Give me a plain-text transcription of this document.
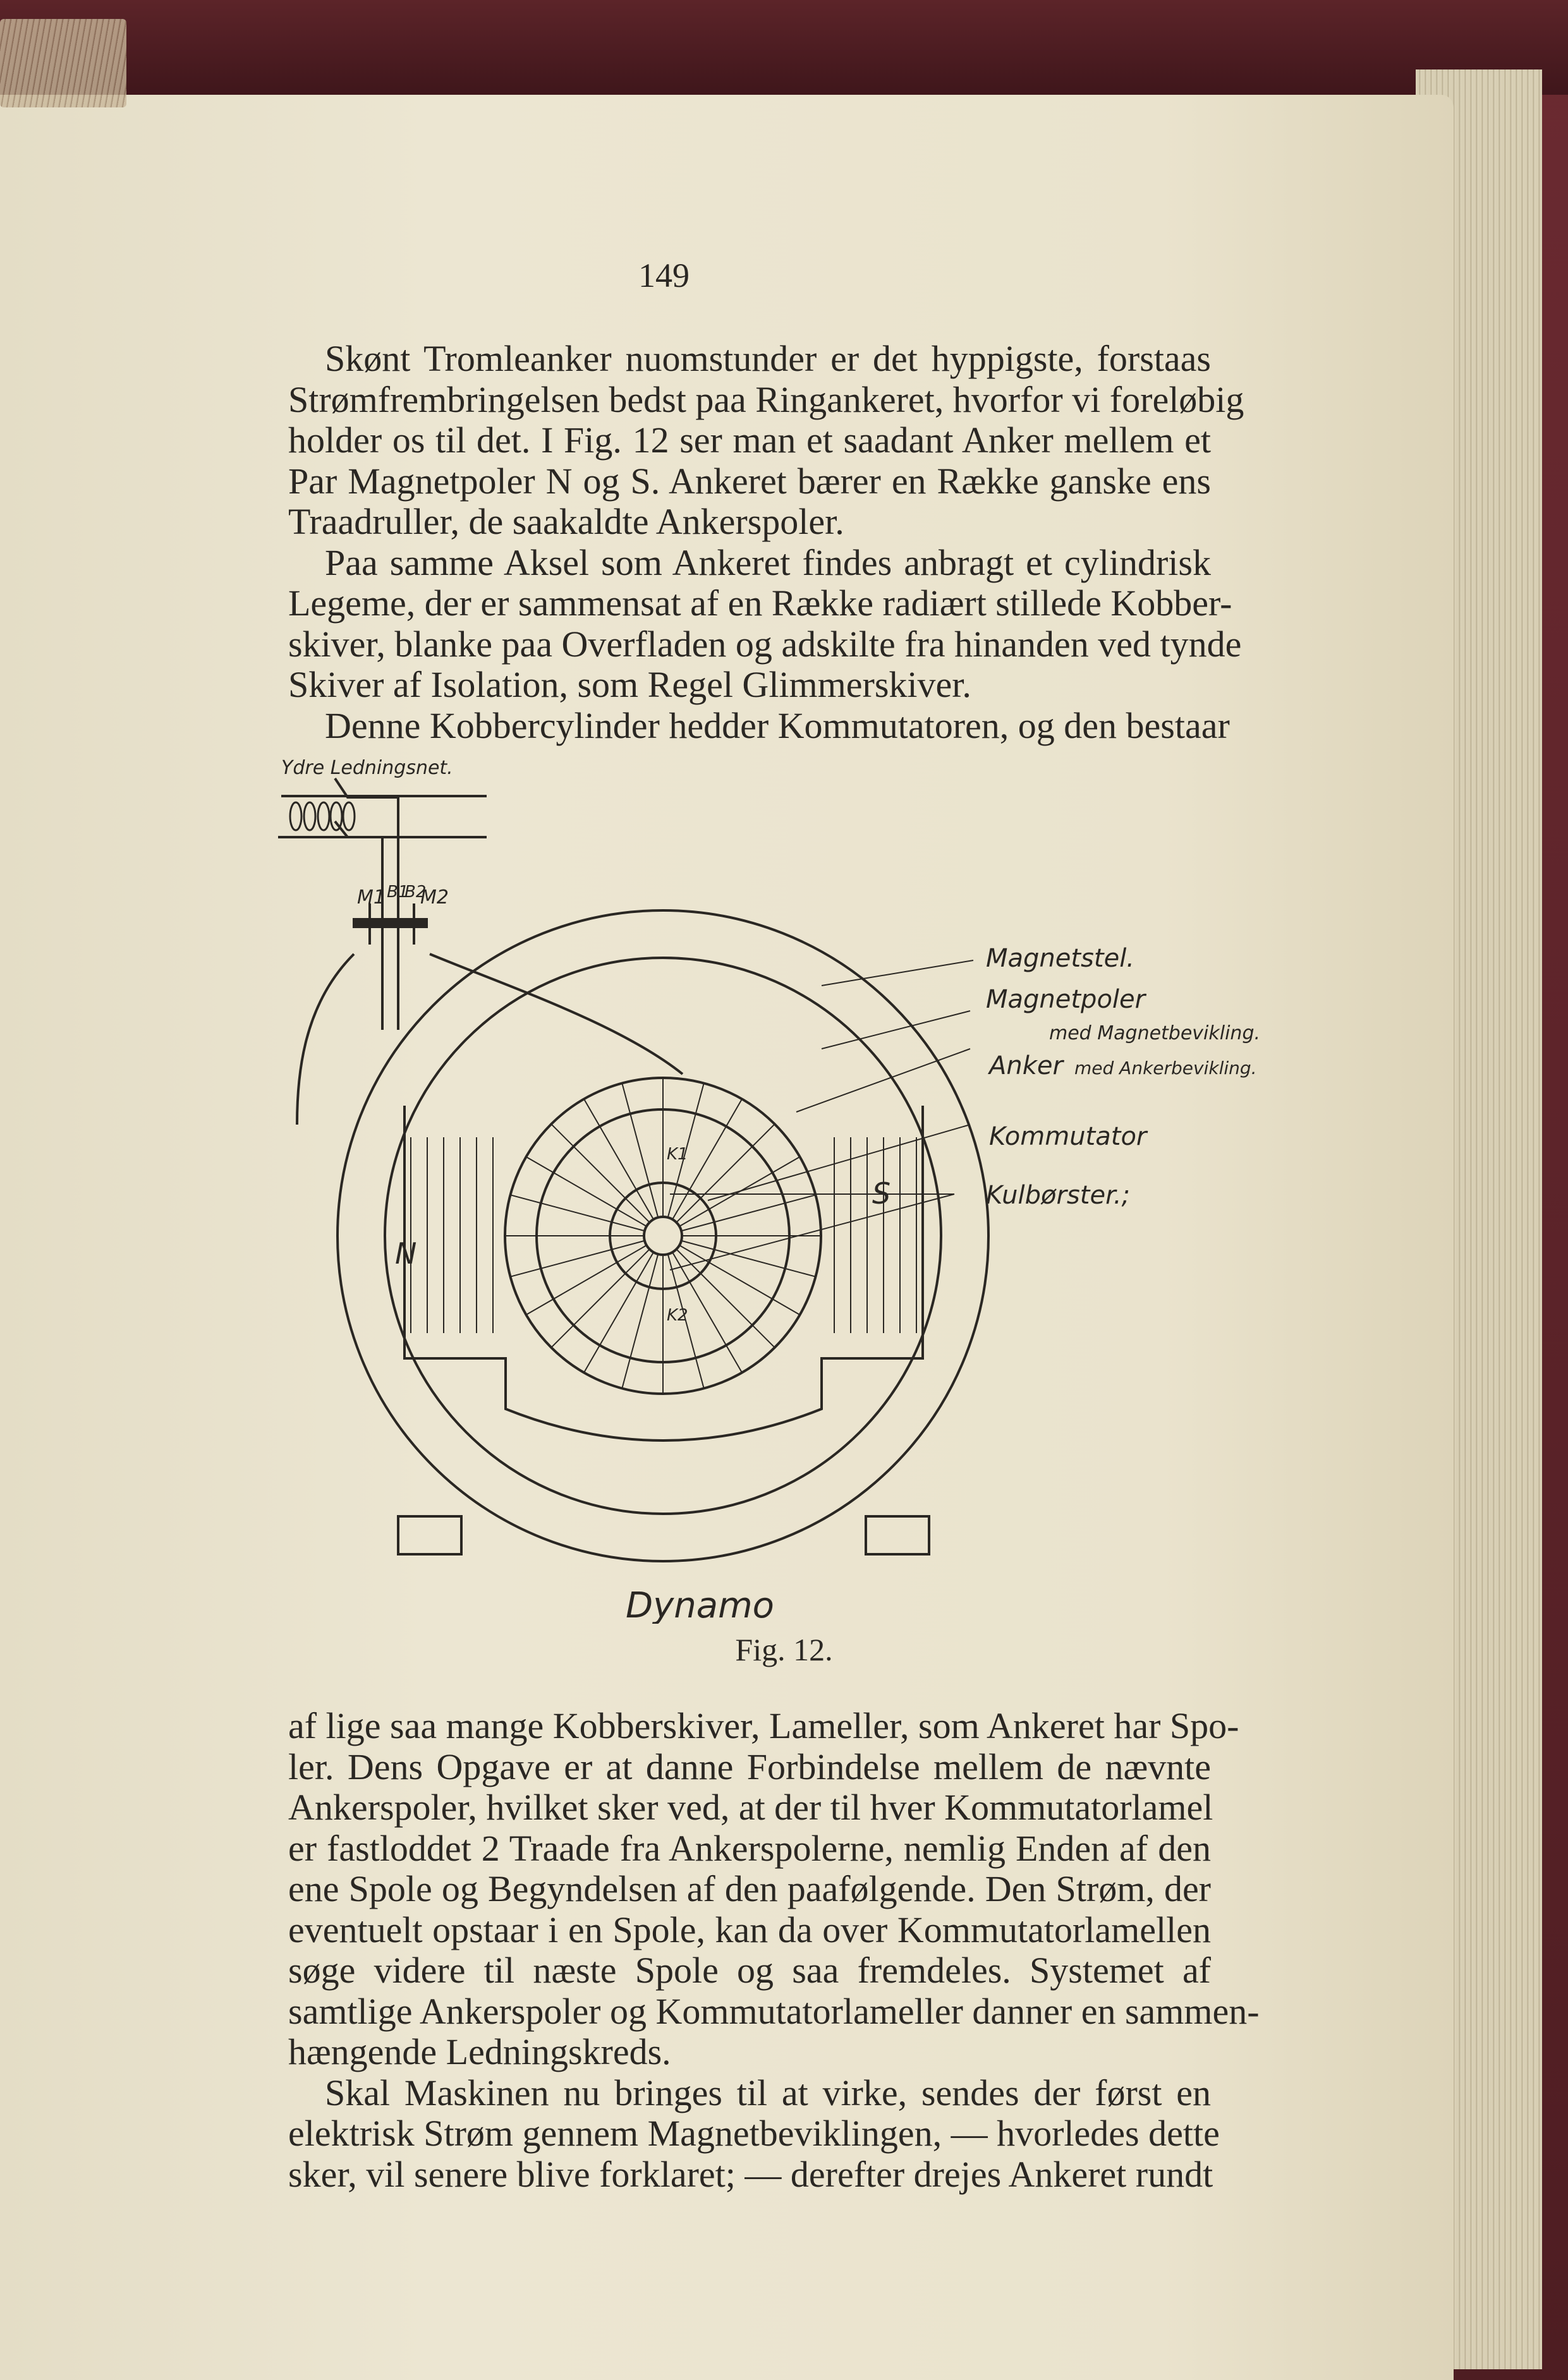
149
Skønt Tromleanker nuomstunder er det hyppigste, forstaas
Strømfrembringelsen bedst paa Ringankeret, hvorfor vi foreløbig
holder os til det. I Fig. 12 ser man et saadant Anker mellem et
Par Magnetpoler N og S. Ankeret bærer en Række ganske ens
Traadruller, de saakaldte Ankerspoler.
Paa samme Aksel som Ankeret findes anbragt et cylindrisk
Legeme, der er sammensat af en Række radiært stillede Kobber-
skiver, blanke paa Overfladen og adskilte fra hinanden ved tynde
Skiver af Isolation, som Regel Glimmerskiver.
Denne Kobbercylinder hedder Kommutatoren, og den bestaar
Ydre Ledningsnet.
M1 B1
B2
M2
Magnetstel.
Magnetpoler
med Magnetbevikling.
Anker med Ankerbevikling.
Kommutator
Kulbørster.;
K1
K2
N
S
Dynamo
Fig. 12.
af lige saa mange Kobberskiver, Lameller, som Ankeret har Spo-
ler. Dens Opgave er at danne Forbindelse mellem de nævnte
Ankerspoler, hvilket sker ved, at der til hver Kommutatorlamel
er fastloddet 2 Traade fra Ankerspolerne, nemlig Enden af den
ene Spole og Begyndelsen af den paafølgende. Den Strøm, der
eventuelt opstaar i en Spole, kan da over Kommutatorlamellen
søge videre til næste Spole og saa fremdeles. Systemet af
samtlige Ankerspoler og Kommutatorlameller danner en sammen-
hængende Ledningskreds.
Skal Maskinen nu bringes til at virke, sendes der først en
elektrisk Strøm gennem Magnetbeviklingen, — hvorledes dette
sker, vil senere blive forklaret; — derefter drejes Ankeret rundt
